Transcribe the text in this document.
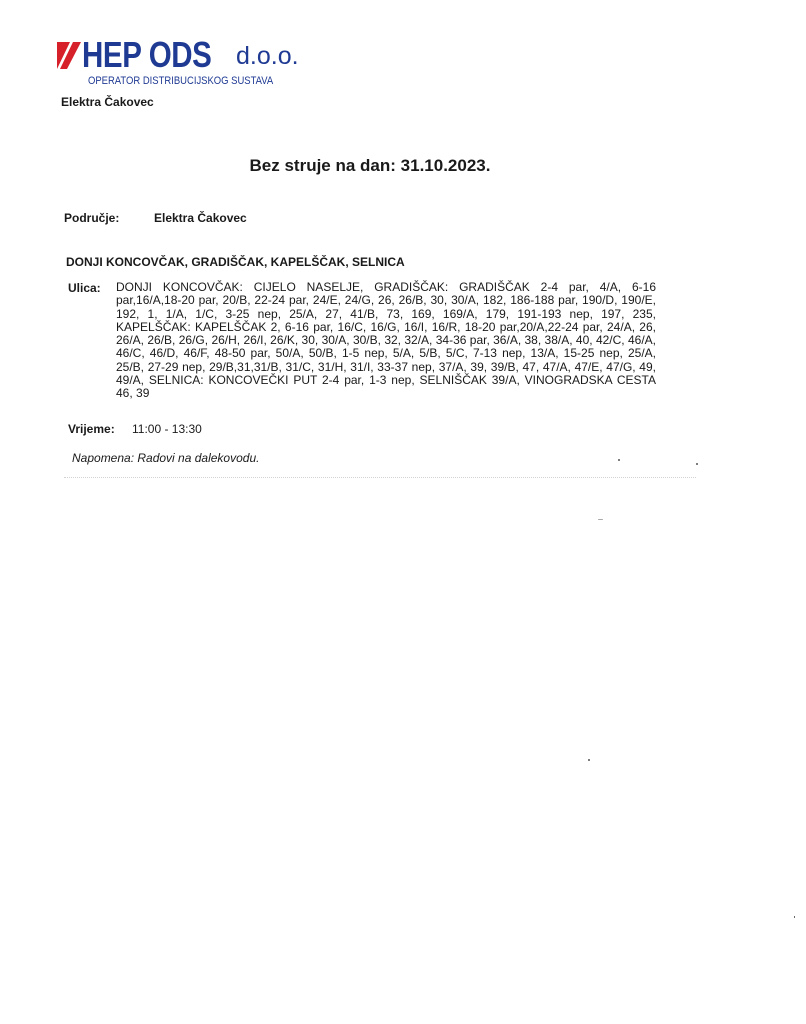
HEP ODS d.o.o.
OPERATOR DISTRIBUCIJSKOG SUSTAVA
Elektra Čakovec
Bez struje na dan: 31.10.2023.
Područje:	Elektra Čakovec
DONJI KONCOVČAK, GRADIŠČAK, KAPELŠČAK, SELNICA
Ulica: DONJI KONCOVČAK: CIJELO NASELJE, GRADIŠČAK: GRADIŠČAK 2-4 par, 4/A, 6-16 par,16/A,18-20 par, 20/B, 22-24 par, 24/E, 24/G, 26, 26/B, 30, 30/A, 182, 186-188 par, 190/D, 190/E, 192, 1, 1/A, 1/C, 3-25 nep, 25/A, 27, 41/B, 73, 169, 169/A, 179, 191-193 nep, 197, 235, KAPELŠČAK: KAPELŠČAK 2, 6-16 par, 16/C, 16/G, 16/I, 16/R, 18-20 par,20/A,22-24 par, 24/A, 26, 26/A, 26/B, 26/G, 26/H, 26/I, 26/K, 30, 30/A, 30/B, 32, 32/A, 34-36 par, 36/A, 38, 38/A, 40, 42/C, 46/A, 46/C, 46/D, 46/F, 48-50 par, 50/A, 50/B, 1-5 nep, 5/A, 5/B, 5/C, 7-13 nep, 13/A, 15-25 nep, 25/A, 25/B, 27-29 nep, 29/B,31,31/B, 31/C, 31/H, 31/I, 33-37 nep, 37/A, 39, 39/B, 47, 47/A, 47/E, 47/G, 49, 49/A, SELNICA: KONCOVEČKI PUT 2-4 par, 1-3 nep, SELNIŠČAK 39/A, VINOGRADSKA CESTA 46, 39
Vrijeme: 11:00 - 13:30
Napomena: Radovi na dalekovodu.
